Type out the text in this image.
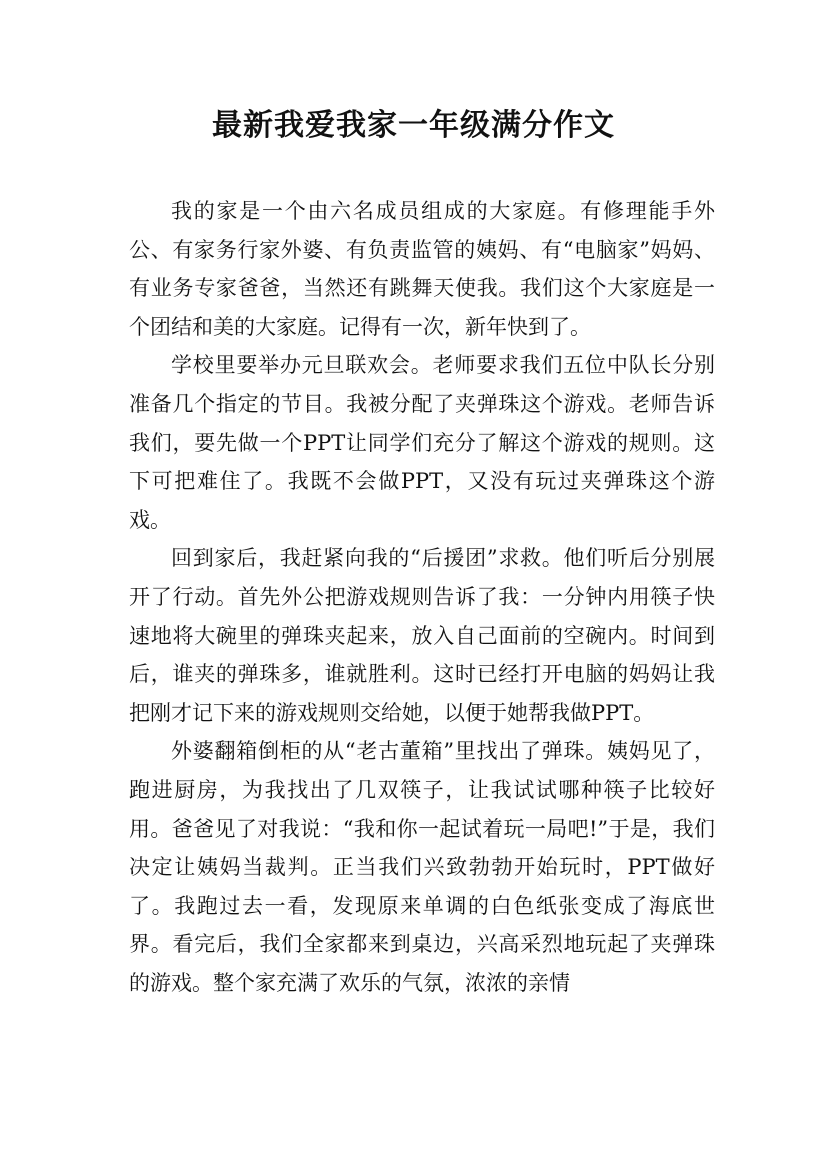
最新我爱我家一年级满分作文

我的家是一个由六名成员组成的大家庭。有修理能手外公、有家务行家外婆、有负责监管的姨妈、有“电脑家”妈妈、有业务专家爸爸，当然还有跳舞天使我。我们这个大家庭是一个团结和美的大家庭。记得有一次，新年快到了。

学校里要举办元旦联欢会。老师要求我们五位中队长分别准备几个指定的节目。我被分配了夹弹珠这个游戏。老师告诉我们，要先做一个PPT让同学们充分了解这个游戏的规则。这下可把难住了。我既不会做PPT，又没有玩过夹弹珠这个游戏。

回到家后，我赶紧向我的“后援团”求救。他们听后分别展开了行动。首先外公把游戏规则告诉了我：一分钟内用筷子快速地将大碗里的弹珠夹起来，放入自己面前的空碗内。时间到后，谁夹的弹珠多，谁就胜利。这时已经打开电脑的妈妈让我把刚才记下来的游戏规则交给她，以便于她帮我做PPT。

外婆翻箱倒柜的从“老古董箱”里找出了弹珠。姨妈见了，跑进厨房，为我找出了几双筷子，让我试试哪种筷子比较好用。爸爸见了对我说：“我和你一起试着玩一局吧!”于是，我们决定让姨妈当裁判。正当我们兴致勃勃开始玩时，PPT做好了。我跑过去一看，发现原来单调的白色纸张变成了海底世界。看完后，我们全家都来到桌边，兴高采烈地玩起了夹弹珠的游戏。整个家充满了欢乐的气氛，浓浓的亲情
